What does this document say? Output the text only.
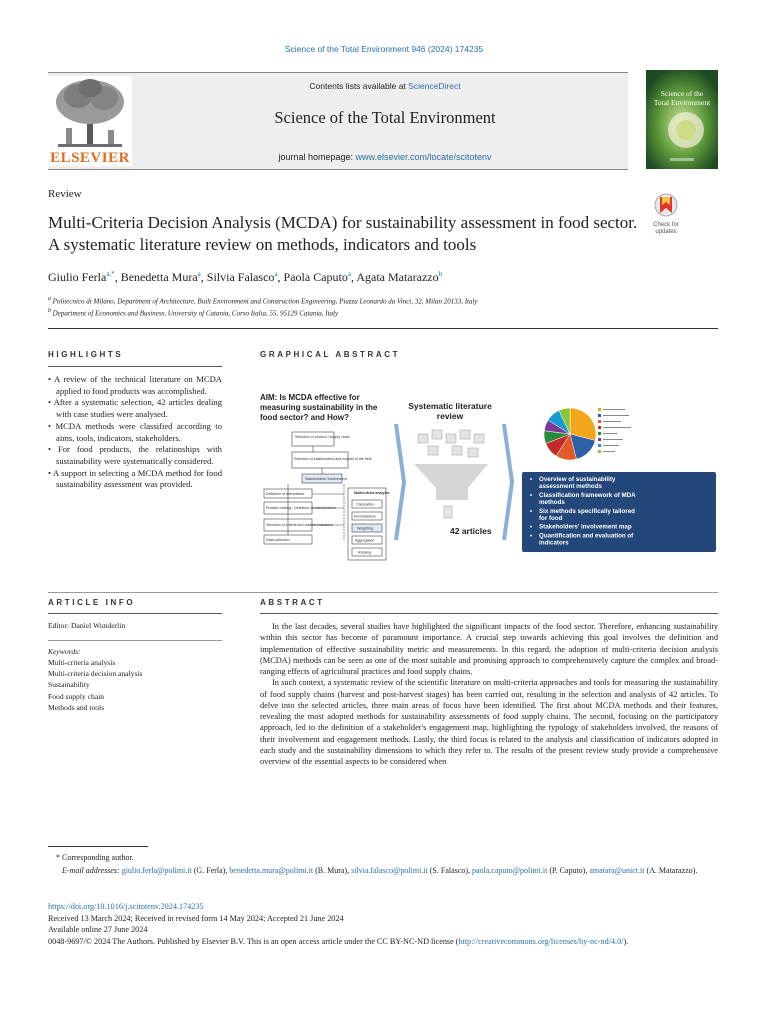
Science of the Total Environment 946 (2024) 174235
ELSEVIER
Contents lists available at ScienceDirect
Science of the Total Environment
journal homepage: www.elsevier.com/locate/scitotenv
Science of the
Total Environment
Review
Multi-Criteria Decision Analysis (MCDA) for sustainability assessment in food sector. A systematic literature review on methods, indicators and tools
Check for
updates
Giulio Ferla$^{a,*}$, Benedetta Mura$^a$, Silvia Falasco$^a$, Paola Caputo$^a$, Agata Matarazzo$^b$
$^a$ Politecnico di Milano, Department of Architecture, Built Environment and Construction Engineering, Piazza Leonardo da Vinci, 32, Milan 20133, Italy
$^b$ Department of Economics and Business, University of Catania, Corso Italia, 55, 95129 Catania, Italy
HIGHLIGHTS
• A review of the technical literature on MCDA applied to food products was accomplished.
• After a systematic selection, 42 articles dealing with case studies were analysed.
• MCDA methods were classified according to aims, tools, indicators, stakeholders.
• For food products, the relationships with sustainability were systematically considered.
• A support in selecting a MCDA method for food sustainability assessment was provided.
GRAPHICAL ABSTRACT
AIM: Is MCDA effective for
measuring sustainability in the
food sector? and How?
Selection of product / supply chain
Selection of stakeholders and experts of the field
Stakeholders' involvement
Definition of alternatives
Problem setting - Definition of criteria/ribbon
Selection of criteria and relative indicators
Data collection
Multicriteria analysis
Calculation
Normalization
Weighting
Aggregation
Ranking
Systematic literature
review
42 articles
• Overview of sustainability assessment methods
• Classification framework of MDA methods
• Six methods specifically tailored for food
• Stakeholders' involvement map
• Quantification and evaluation of indicators
ARTICLE INFO
Editor: Daniel Wunderlin
Keywords:
Multi-criteria analysis
Multi-criteria decision analysis
Sustainability
Food supply chain
Methods and tools
ABSTRACT

In the last decades, several studies have highlighted the significant impacts of the food sector. Therefore, enhancing sustainability within this sector has become of paramount importance. A crucial step towards achieving this goal involves the definition and implementation of effective sustainability metric and measurements. In this regard, the adoption of multi-criteria decision analysis (MCDA) methods can be seen as one of the most suitable and promising approach to comprehensively capture the complex and broad-ranging effects of agricultural practices and food supply chains.

In such context, a systematic review of the scientific literature on multi-criteria approaches and tools for measuring the sustainability of food supply chains (harvest and post-harvest stages) has been carried out, resulting in the selection and analysis of 42 articles. To delve into the selected articles, three main areas of focus have been identified. The first about MCDA methods and their features, revealing the most adopted methods for sustainability assessments of food supply chains. The second, focusing on the participatory approach, led to the definition of a stakeholder's engagement map, highlighting the typology of stakeholders involved, the reasons of their involvement and engagement methods. Lastly, the third focus is related to the analysis and classification of indicators adopted in each study and the sustainability dimensions to which they refer to. The results of the present review study provide a comprehensive overview of the essential aspects to be considered when

* Corresponding author.
E-mail addresses: giulio.ferla@polimi.it (G. Ferla), benedetta.mura@polimi.it (B. Mura), silvia.falasco@polimi.it (S. Falasco), paola.caputo@polimi.it (P. Caputo), amatara@unict.it (A. Matarazzo).
https://doi.org/10.1016/j.scitotenv.2024.174235
Received 13 March 2024; Received in revised form 14 May 2024; Accepted 21 June 2024
Available online 27 June 2024
0048-9697/© 2024 The Authors. Published by Elsevier B.V. This is an open access article under the CC BY-NC-ND license (http://creativecommons.org/licenses/by-nc-nd/4.0/).
